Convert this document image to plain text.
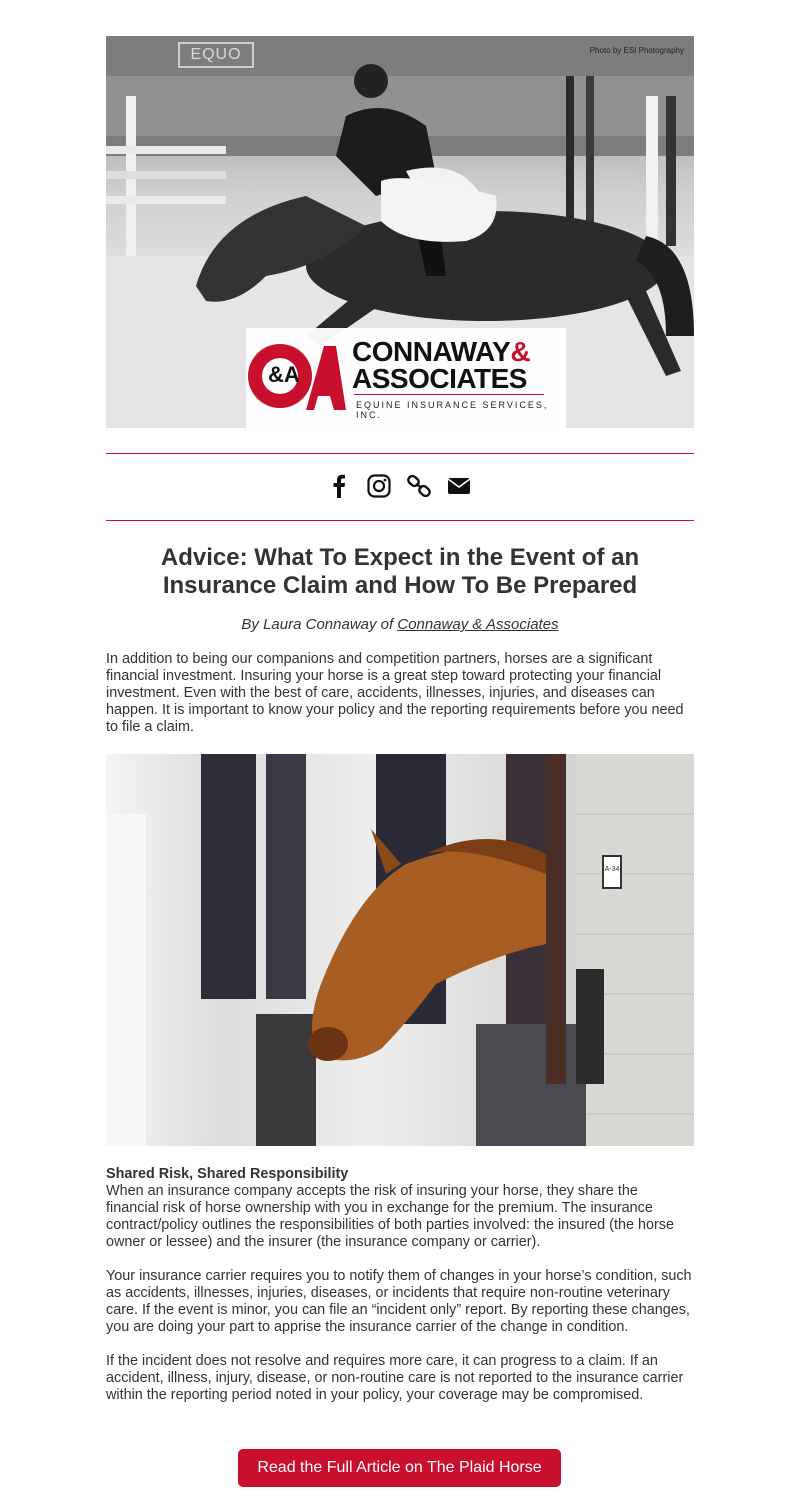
Photo by ESI Photography
EQUO
&A
CONNAWAY&
ASSOCIATES
EQUINE INSURANCE SERVICES, INC.
Advice: What To Expect in the Event of an Insurance Claim and How To Be Prepared
By Laura Connaway of Connaway & Associates

In addition to being our companions and competition partners, horses are a significant financial investment. Insuring your horse is a great step toward protecting your financial investment. Even with the best of care, accidents, illnesses, injuries, and diseases can happen. It is important to know your policy and the reporting requirements before you need to file a claim.

A-34
Shared Risk, Shared Responsibility

When an insurance company accepts the risk of insuring your horse, they share the financial risk of horse ownership with you in exchange for the premium. The insurance contract/policy outlines the responsibilities of both parties involved: the insured (the horse owner or lessee) and the insurer (the insurance company or carrier).

Your insurance carrier requires you to notify them of changes in your horse’s condition, such as accidents, illnesses, injuries, diseases, or incidents that require non-routine veterinary care. If the event is minor, you can file an “incident only” report. By reporting these changes, you are doing your part to apprise the insurance carrier of the change in condition.

If the incident does not resolve and requires more care, it can progress to a claim. If an accident, illness, injury, disease, or non-routine care is not reported to the insurance carrier within the reporting period noted in your policy, your coverage may be compromised.

Read the Full Article on The Plaid Horse
